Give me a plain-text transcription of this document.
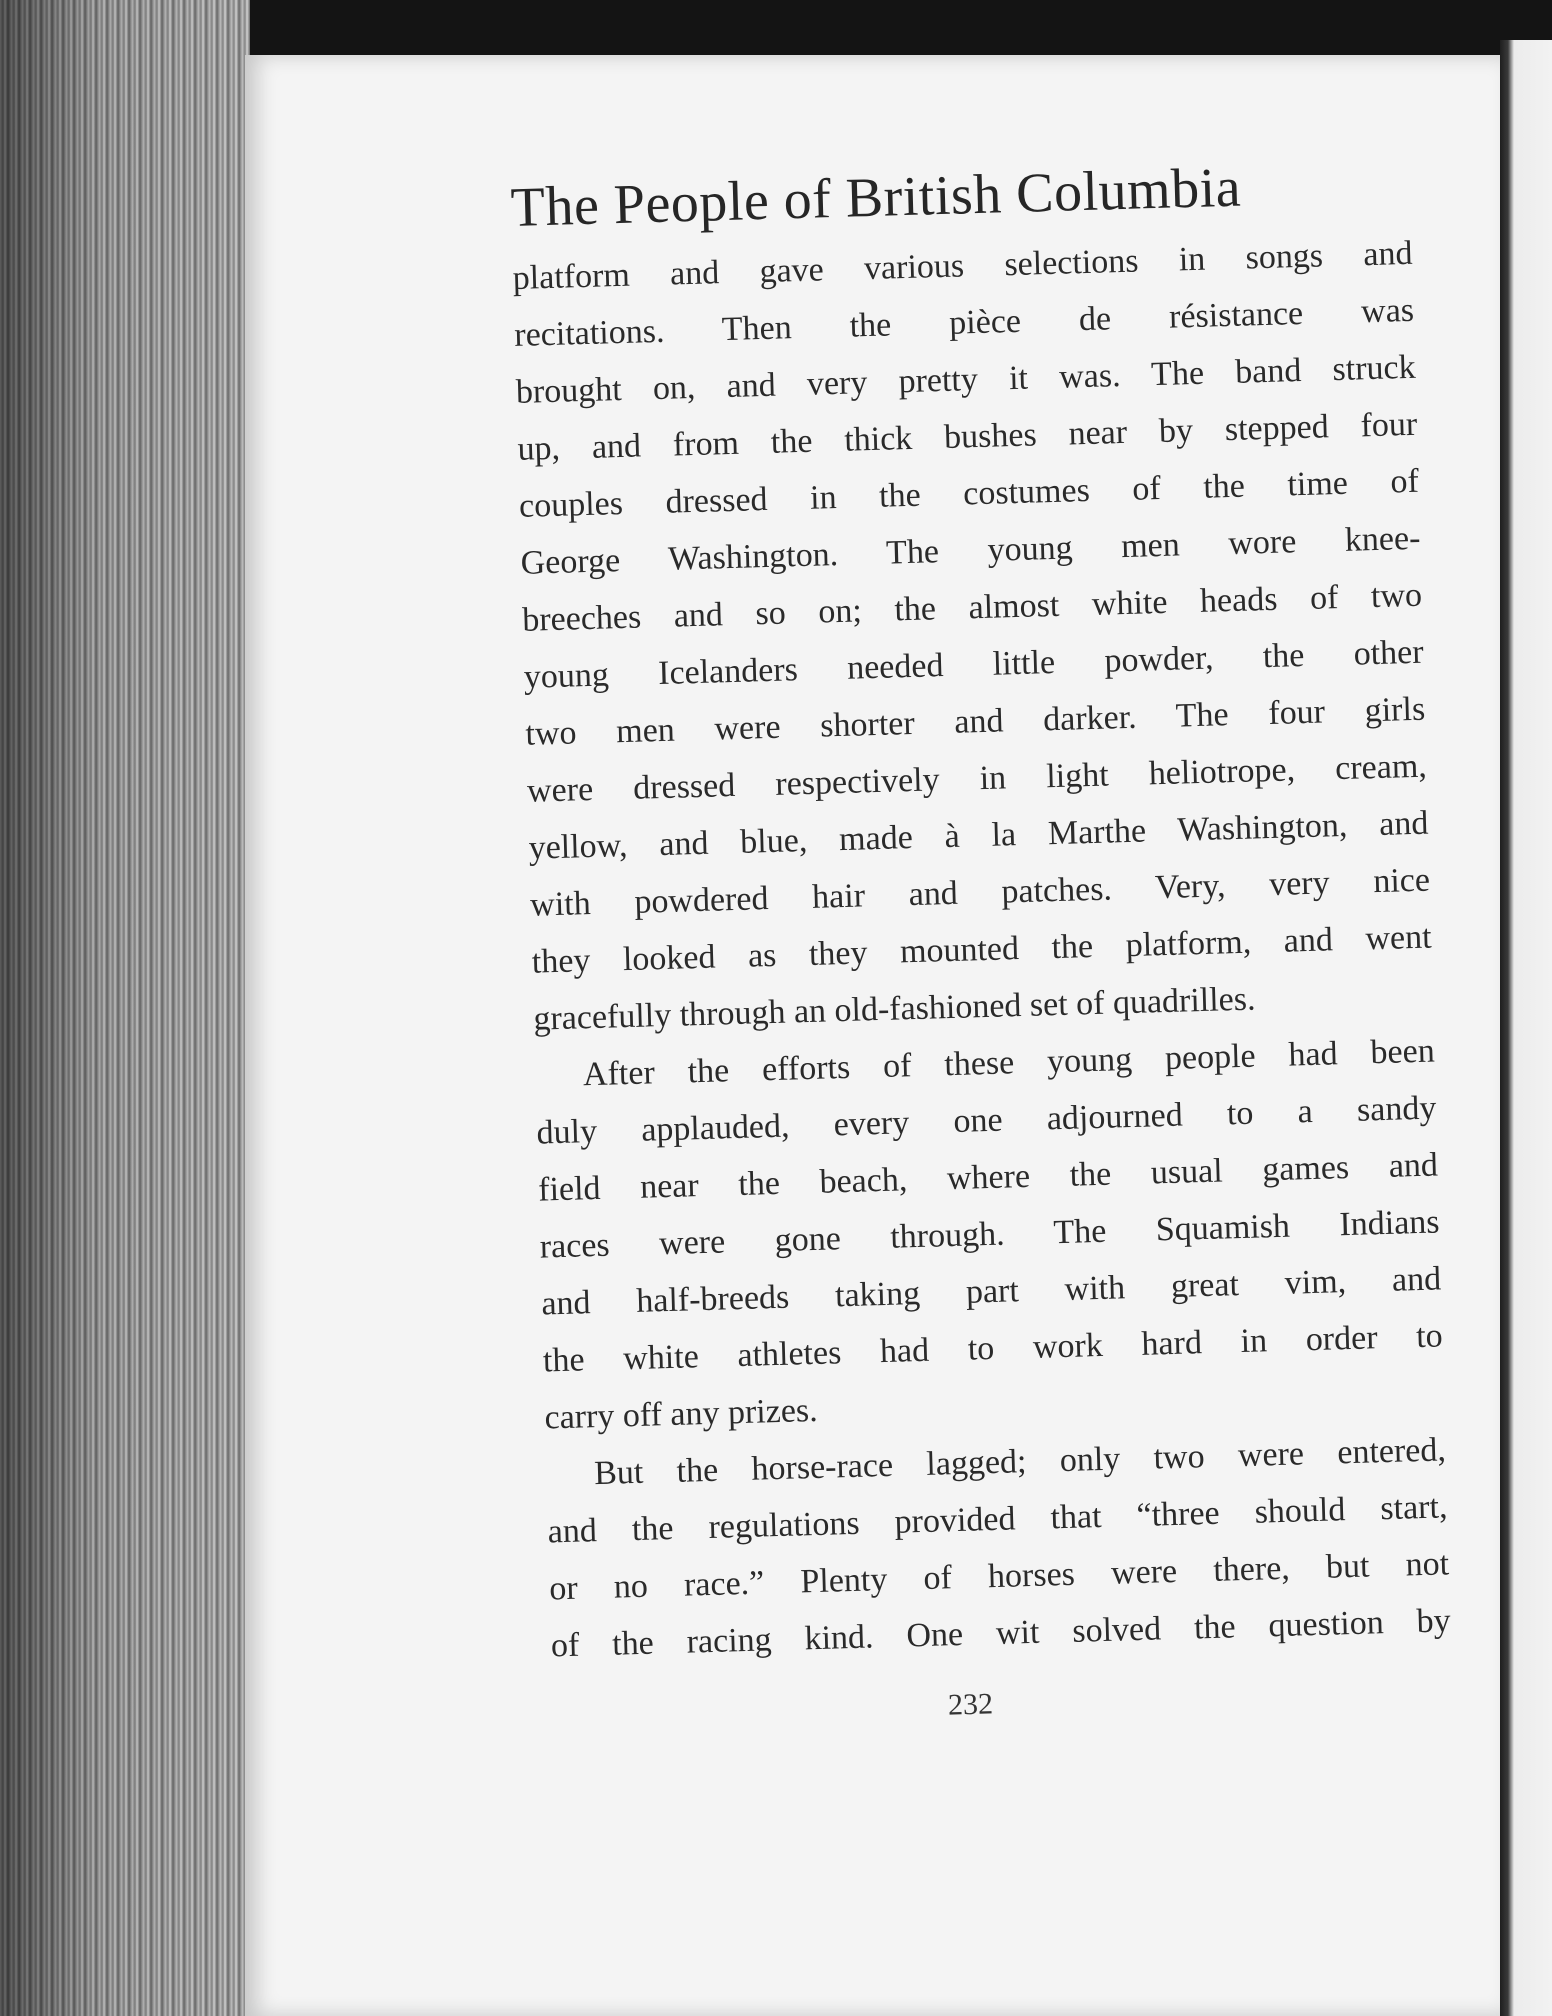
The People of British Columbia
platform and gave various selections in songs and
recitations. Then the pièce de résistance was
brought on, and very pretty it was. The band struck
up, and from the thick bushes near by stepped four
couples dressed in the costumes of the time of
George Washington. The young men wore knee-
breeches and so on; the almost white heads of two
young Icelanders needed little powder, the other
two men were shorter and darker. The four girls
were dressed respectively in light heliotrope, cream,
yellow, and blue, made à la Marthe Washington, and
with powdered hair and patches. Very, very nice
they looked as they mounted the platform, and went
gracefully through an old-fashioned set of quadrilles.
After the efforts of these young people had been
duly applauded, every one adjourned to a sandy
field near the beach, where the usual games and
races were gone through. The Squamish Indians
and half-breeds taking part with great vim, and
the white athletes had to work hard in order to
carry off any prizes.
But the horse-race lagged; only two were entered,
and the regulations provided that “three should start,
or no race.” Plenty of horses were there, but not
of the racing kind. One wit solved the question by
232
